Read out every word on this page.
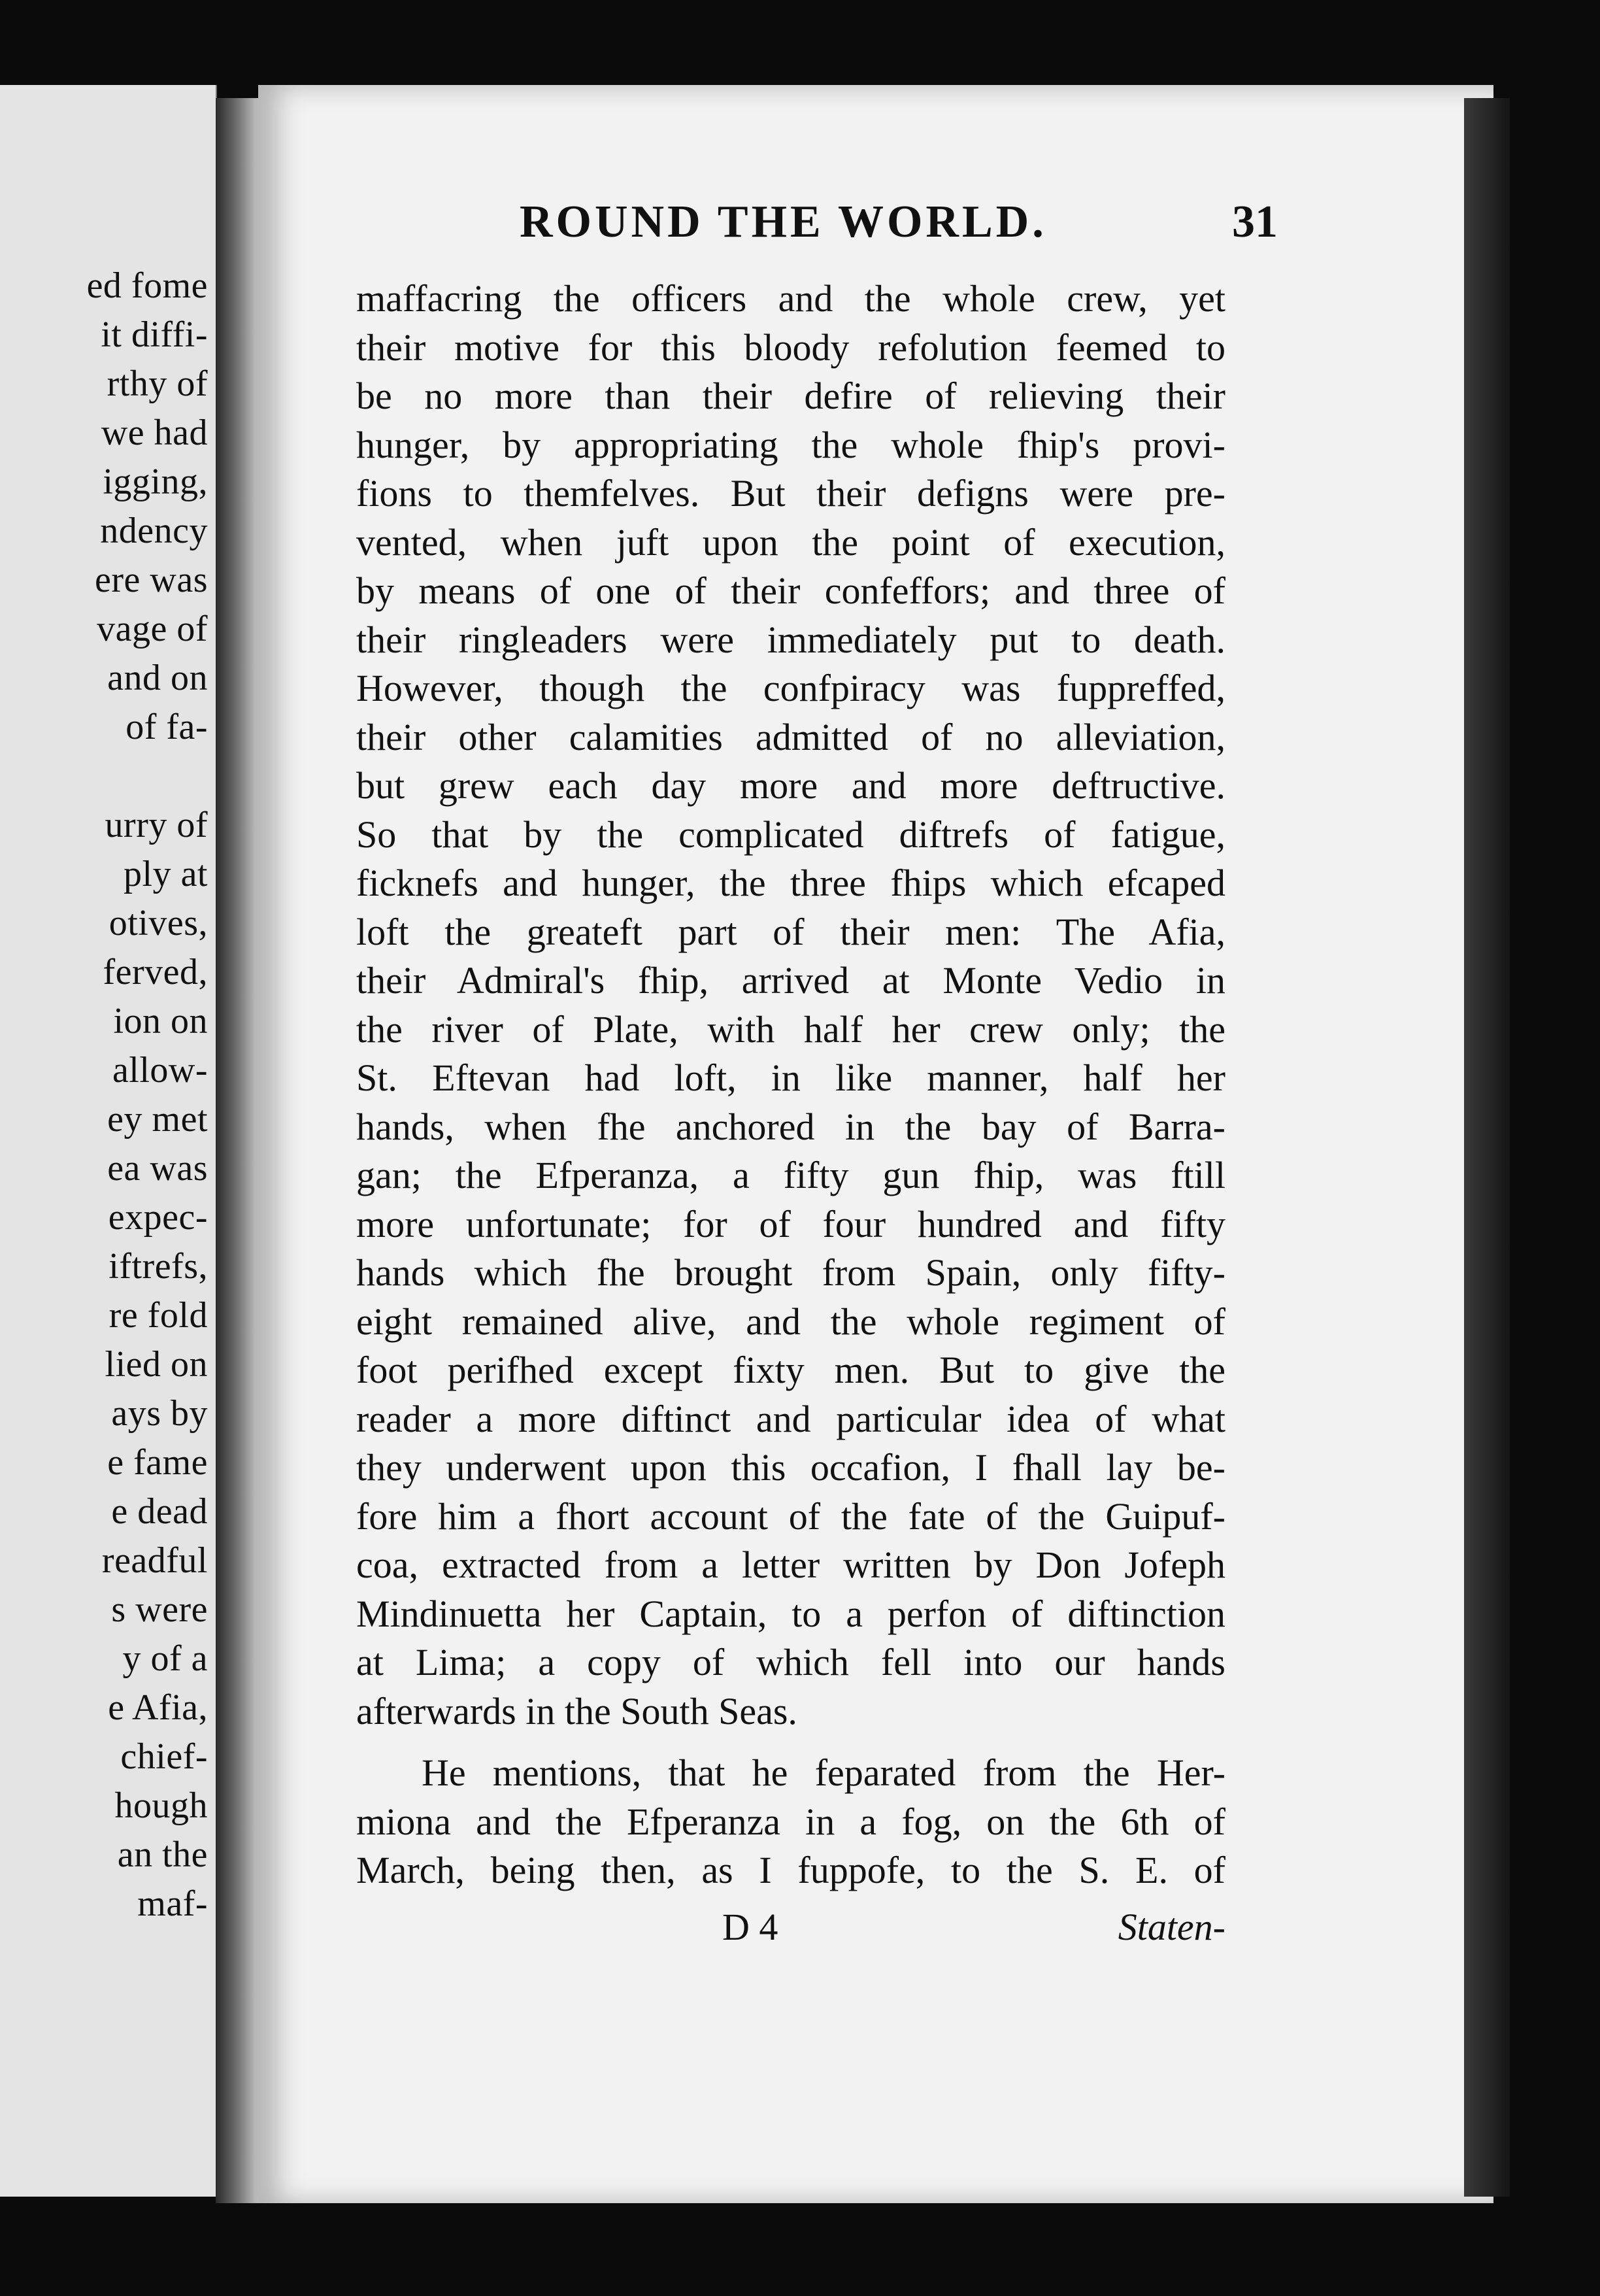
ed fome
it diffi-
rthy of
we had
igging,
ndency
ere was
vage of
and on
of fa-
urry of
ply at
otives,
ferved,
ion on
allow-
ey met
ea was
expec-
iftrefs,
re fold
lied on
ays by
e fame
e dead
readful
s were
y of a
e Afia,
chief-
hough
an the
maf-
ROUND THE WORLD.	31
maffacring the officers and the whole crew, yet
their motive for this bloody refolution feemed to
be no more than their defire of relieving their
hunger, by appropriating the whole fhip's provi-
fions to themfelves. But their defigns were pre-
vented, when juft upon the point of execution,
by means of one of their confeffors; and three of
their ringleaders were immediately put to death.
However, though the confpiracy was fuppreffed,
their other calamities admitted of no alleviation,
but grew each day more and more deftructive.
So that by the complicated diftrefs of fatigue,
ficknefs and hunger, the three fhips which efcaped
loft the greateft part of their men: The Afia,
their Admiral's fhip, arrived at Monte Vedio in
the river of Plate, with half her crew only; the
St. Eftevan had loft, in like manner, half her
hands, when fhe anchored in the bay of Barra-
gan; the Efperanza, a fifty gun fhip, was ftill
more unfortunate; for of four hundred and fifty
hands which fhe brought from Spain, only fifty-
eight remained alive, and the whole regiment of
foot perifhed except fixty men. But to give the
reader a more diftinct and particular idea of what
they underwent upon this occafion, I fhall lay be-
fore him a fhort account of the fate of the Guipuf-
coa, extracted from a letter written by Don Jofeph
Mindinuetta her Captain, to a perfon of diftinction
at Lima; a copy of which fell into our hands
afterwards in the South Seas.
He mentions, that he feparated from the Her-
miona and the Efperanza in a fog, on the 6th of
March, being then, as I fuppofe, to the S. E. of
D 4	Staten-
